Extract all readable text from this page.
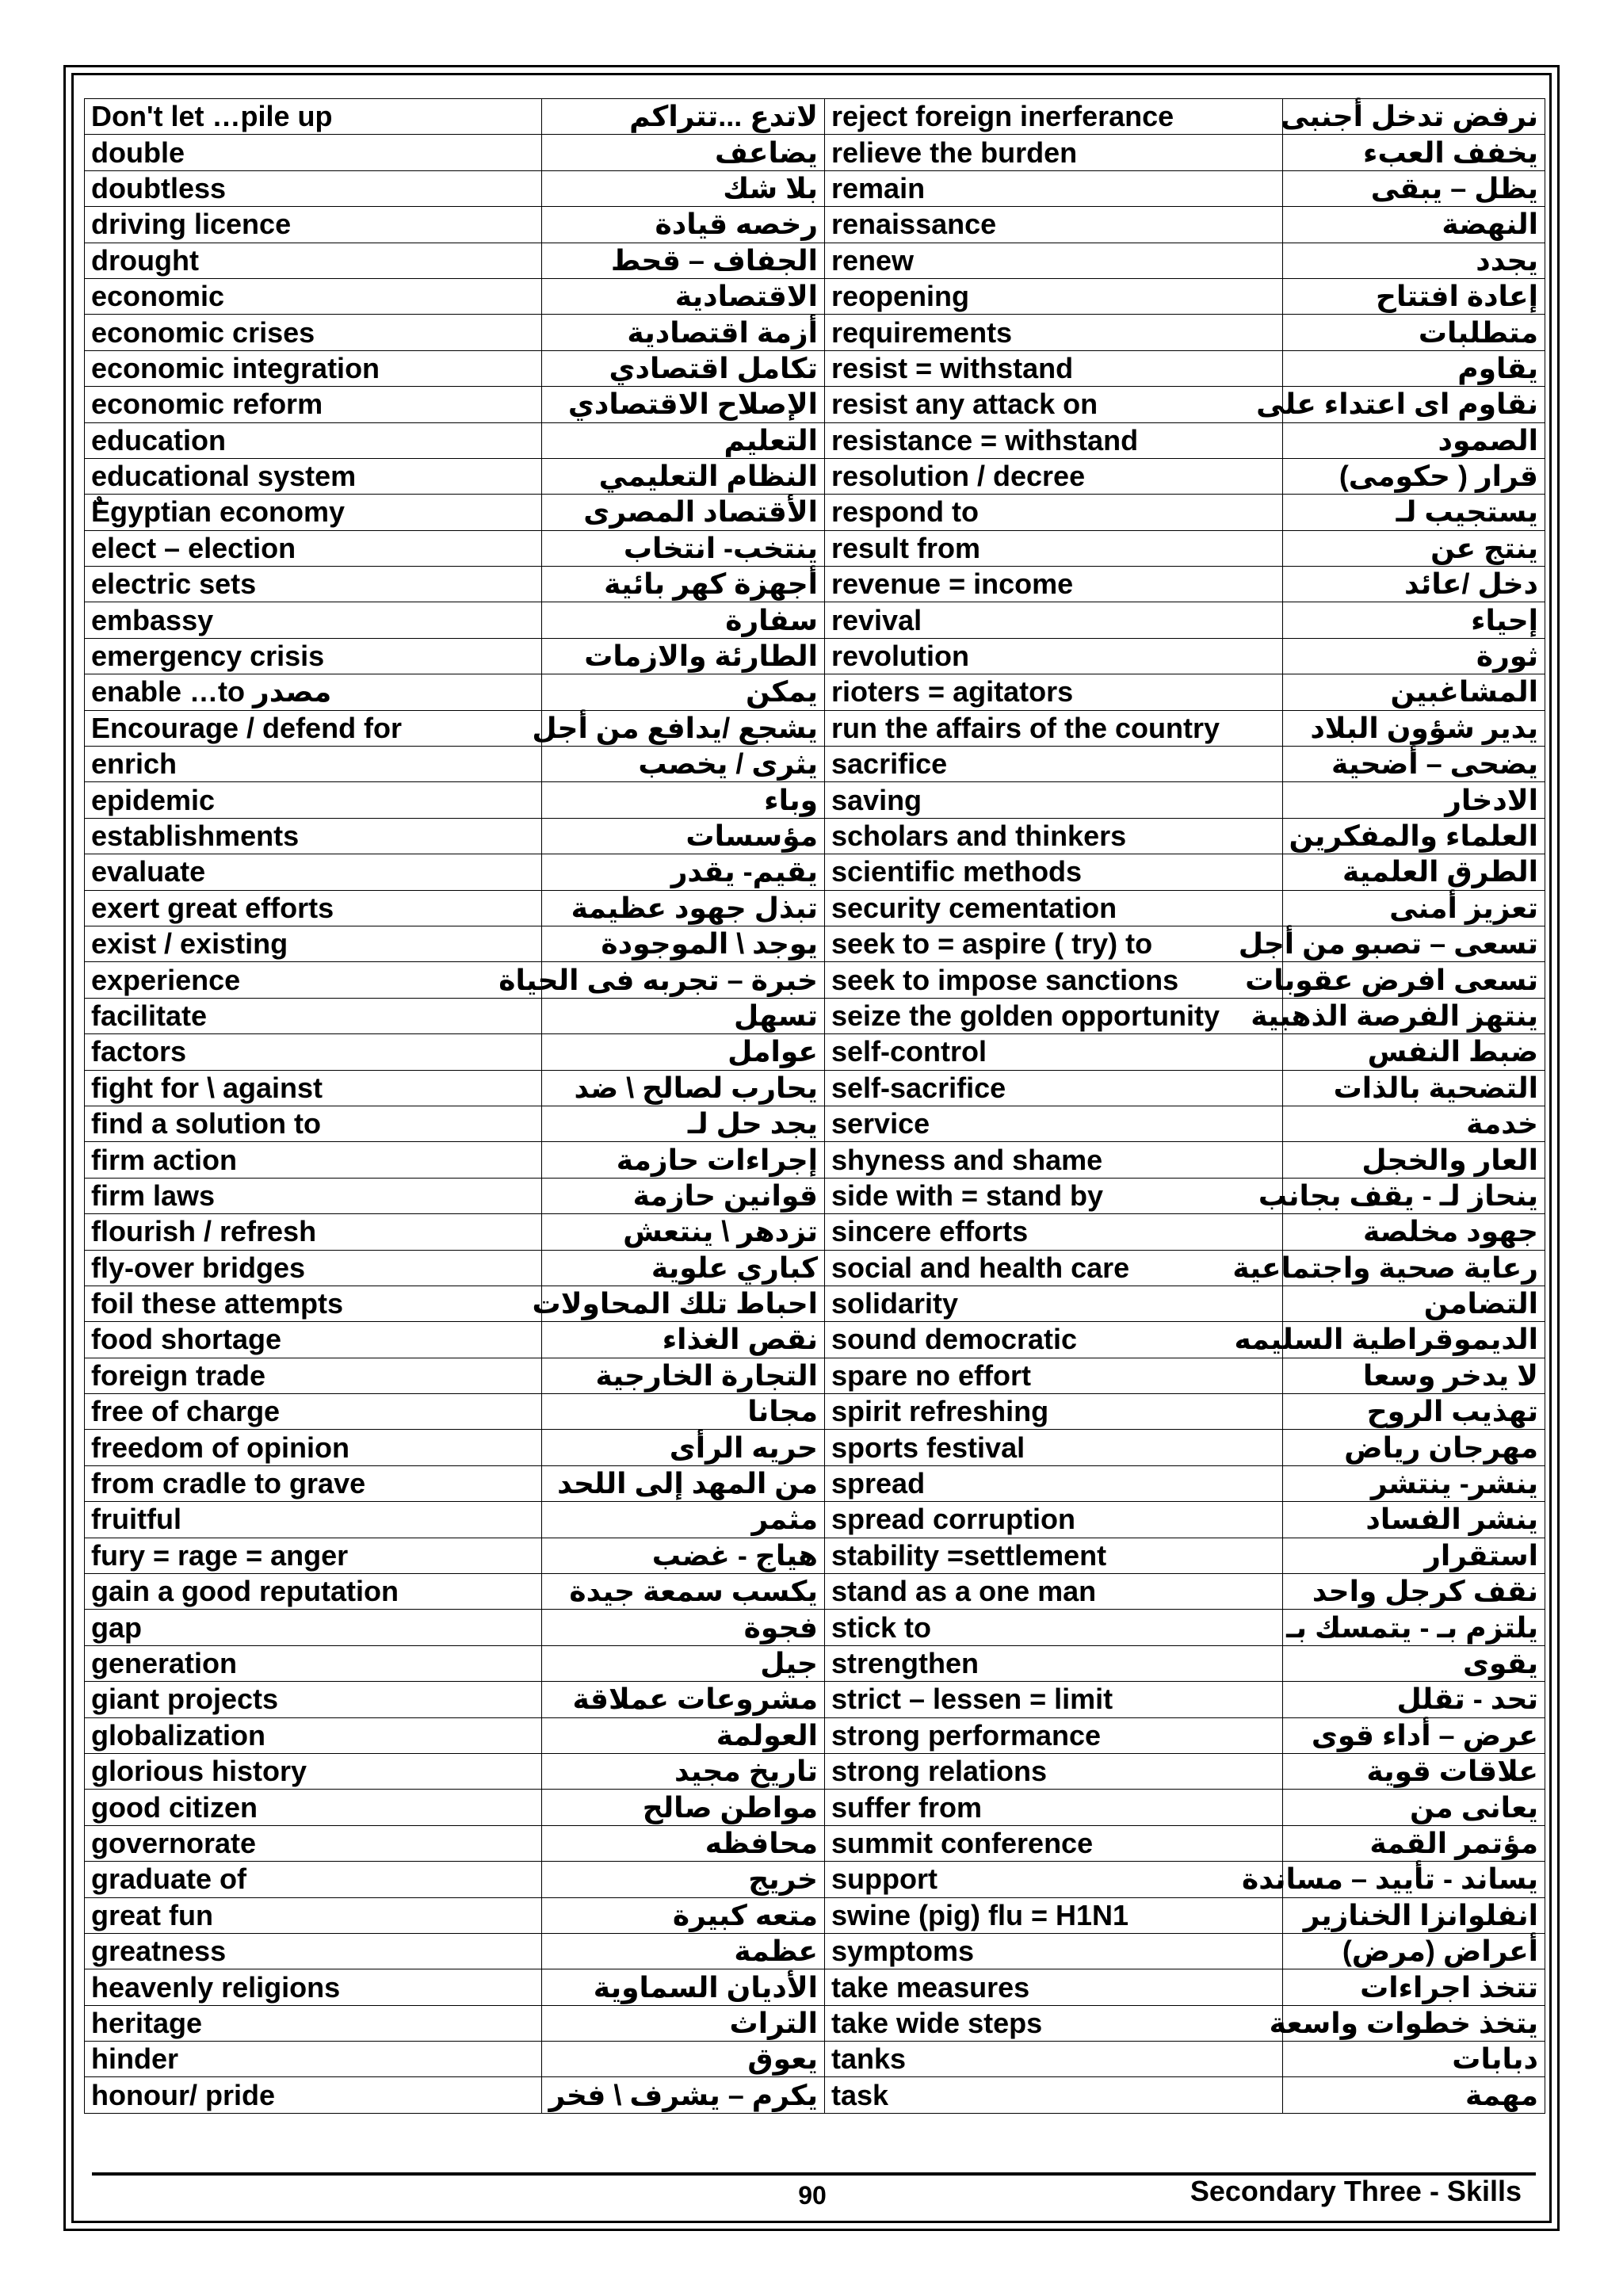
Don't let …pile up	لاتدع ...تتراكم	reject foreign inerferance	نرفض تدخل أجنبى
double	يضاعف	relieve the burden	يخفف العبء
doubtless	بلا شك	remain	يظل – يبقى
driving licence	رخصه قيادة	renaissance	النهضة
drought	الجفاف – قحط	renew	يجدد
economic	الاقتصادية	reopening	إعادة افتتاح
economic crises	أزمة اقتصادية	requirements	متطلبات
economic integration	تكامل اقتصادي	resist = withstand	يقاوم
economic reform	الإصلاح الاقتصادي	resist any attack on	نقاوم اى اعتداء على
education	التعليم	resistance = withstand	الصمود
educational system	النظام التعليمي	resolution / decree	قرار ( حكومى)
ٌEgyptian economy	الأقتصاد المصرى	respond to	يستجيب لـ
elect – election	ينتخب- انتخاب	result from	ينتج عن
electric sets	أجهزة كهر بائية	revenue = income	دخل /عائد
embassy	سفارة	revival	إحياء
emergency crisis	الطارئة والازمات	revolution	ثورة
enable …to مصدر	يمكن	rioters = agitators	المشاغبين
Encourage / defend for	يشجع /يدافع من أجل	run the affairs of the country	يدير شؤون البلاد
enrich	يثرى / يخصب	sacrifice	يضحى – أضحية
epidemic	وباء	saving	الادخار
establishments	مؤسسات	scholars and thinkers	العلماء والمفكرين
evaluate	يقيم- يقدر	scientific methods	الطرق العلمية
exert great efforts	تبذل جهود عظيمة	security cementation	تعزيز أمنى
exist / existing	يوجد \ الموجودة	seek to = aspire ( try) to	تسعى – تصبو من أجل
experience	خبرة – تجربه فى الحياة	seek to impose sanctions	تسعى افرض عقوبات
facilitate	تسهل	seize the golden opportunity	ينتهز الفرصة الذهبية
factors	عوامل	self-control	ضبط النفس
fight for \ against	يحارب لصالح \ ضد	self-sacrifice	التضحية بالذات
find a solution to	يجد حل لـ	service	خدمة
firm action	إجراءات حازمة	shyness and shame	العار والخجل
firm laws	قوانين حازمة	side with = stand by	ينحاز لـ - يقف بجانب
flourish / refresh	تزدهر \ ينتعش	sincere efforts	جهود مخلصة
fly-over bridges	كباري علوية	social and health care	رعاية صحية واجتماعية
foil these attempts	احباط تلك المحاولات	solidarity	التضامن
food shortage	نقص الغذاء	sound democratic	الديموقراطية السليمه
foreign trade	التجارة الخارجية	spare no effort	لا يدخر وسعا
free of charge	مجانا	spirit refreshing	تهذيب الروح
freedom of opinion	حريه الرأى	sports festival	مهرجان رياض
from cradle to grave	من المهد إلى اللحد	spread	ينشر- ينتشر
fruitful	مثمر	spread corruption	ينشر الفساد
fury = rage = anger	هياج - غضب	stability =settlement	استقرار
gain a good reputation	يكسب سمعة جيدة	stand as a one man	نقف كرجل واحد
gap	فجوة	stick to	يلتزم بـ - يتمسك بـ
generation	جيل	strengthen	يقوى
giant projects	مشروعات عملاقة	strict – lessen = limit	تحد - تقلل
globalization	العولمة	strong performance	عرض – أداء قوى
glorious history	تاريخ مجيد	strong relations	علاقات قوية
good citizen	مواطن صالح	suffer from	يعانى من
governorate	محافظه	summit conference	مؤتمر القمة
graduate of	خريج	support	يساند - تأييد – مساندة
great fun	متعه كبيرة	swine (pig) flu = H1N1	انفلوانزا الخنازير
greatness	عظمة	symptoms	أعراض (مرض)
heavenly religions	الأديان السماوية	take measures	تتخذ اجراءات
heritage	التراث	take wide steps	يتخذ خطوات واسعة
hinder	يعوق	tanks	دبابات
honour/ pride	يكرم – يشرف \ فخر	task	مهمة
90	Secondary Three - Skills
